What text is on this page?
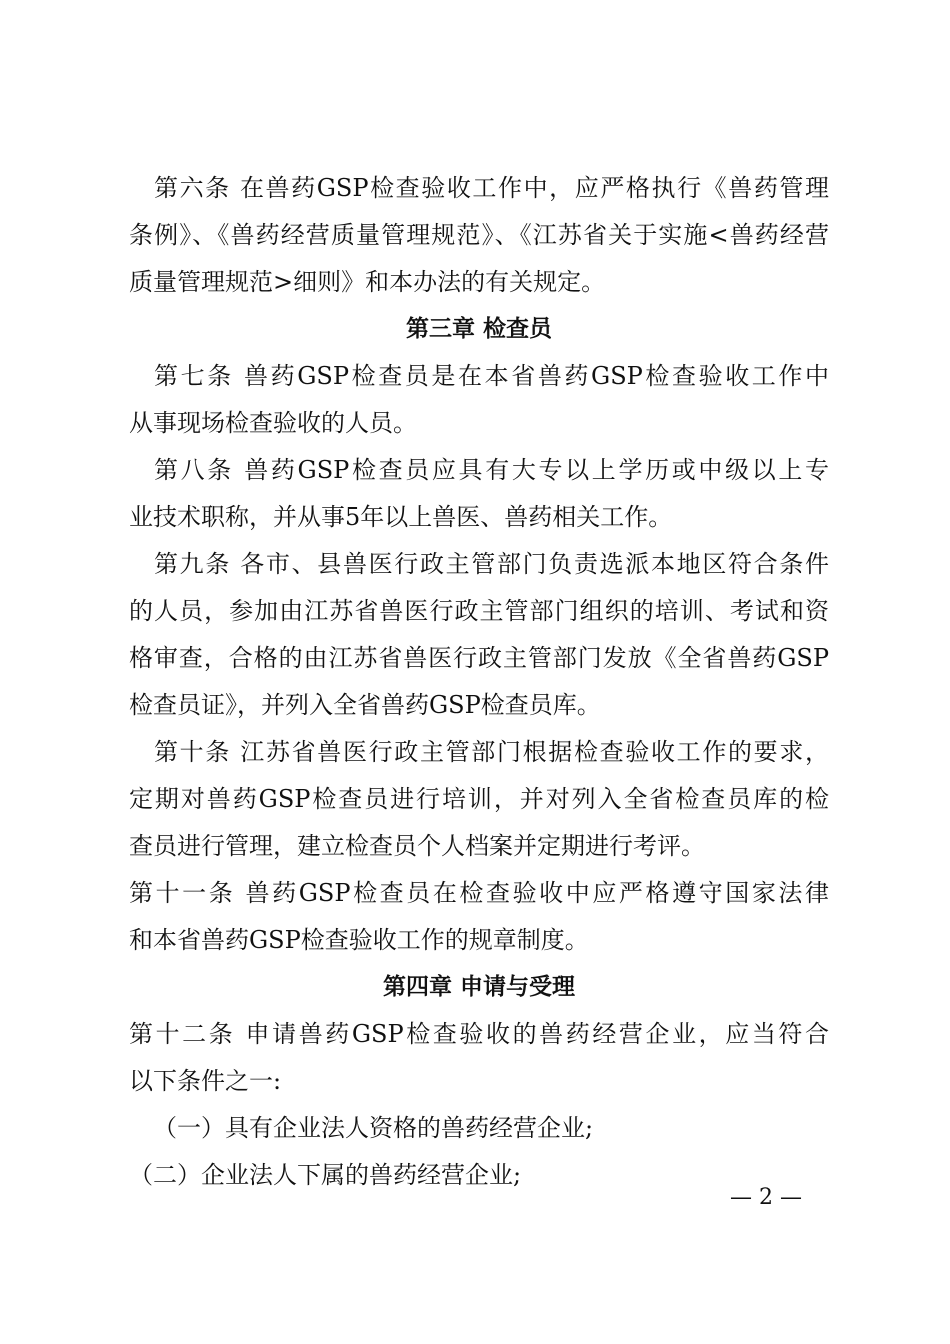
第六条 在兽药GSP检查验收工作中，应严格执行《兽药管理
条例》、《兽药经营质量管理规范》、《江苏省关于实施<兽药经营
质量管理规范>细则》和本办法的有关规定。
第三章 检查员
第七条 兽药GSP检查员是在本省兽药GSP检查验收工作中
从事现场检查验收的人员。
第八条 兽药GSP检查员应具有大专以上学历或中级以上专
业技术职称，并从事5年以上兽医、兽药相关工作。
第九条 各市、县兽医行政主管部门负责选派本地区符合条件
的人员，参加由江苏省兽医行政主管部门组织的培训、考试和资
格审查，合格的由江苏省兽医行政主管部门发放《全省兽药GSP
检查员证》，并列入全省兽药GSP检查员库。
第十条 江苏省兽医行政主管部门根据检查验收工作的要求，
定期对兽药GSP检查员进行培训，并对列入全省检查员库的检
查员进行管理，建立检查员个人档案并定期进行考评。
第十一条 兽药GSP检查员在检查验收中应严格遵守国家法律
和本省兽药GSP检查验收工作的规章制度。
第四章 申请与受理
第十二条 申请兽药GSP检查验收的兽药经营企业，应当符合
以下条件之一:
（一）具有企业法人资格的兽药经营企业;
（二）企业法人下属的兽药经营企业;
— 2 —
